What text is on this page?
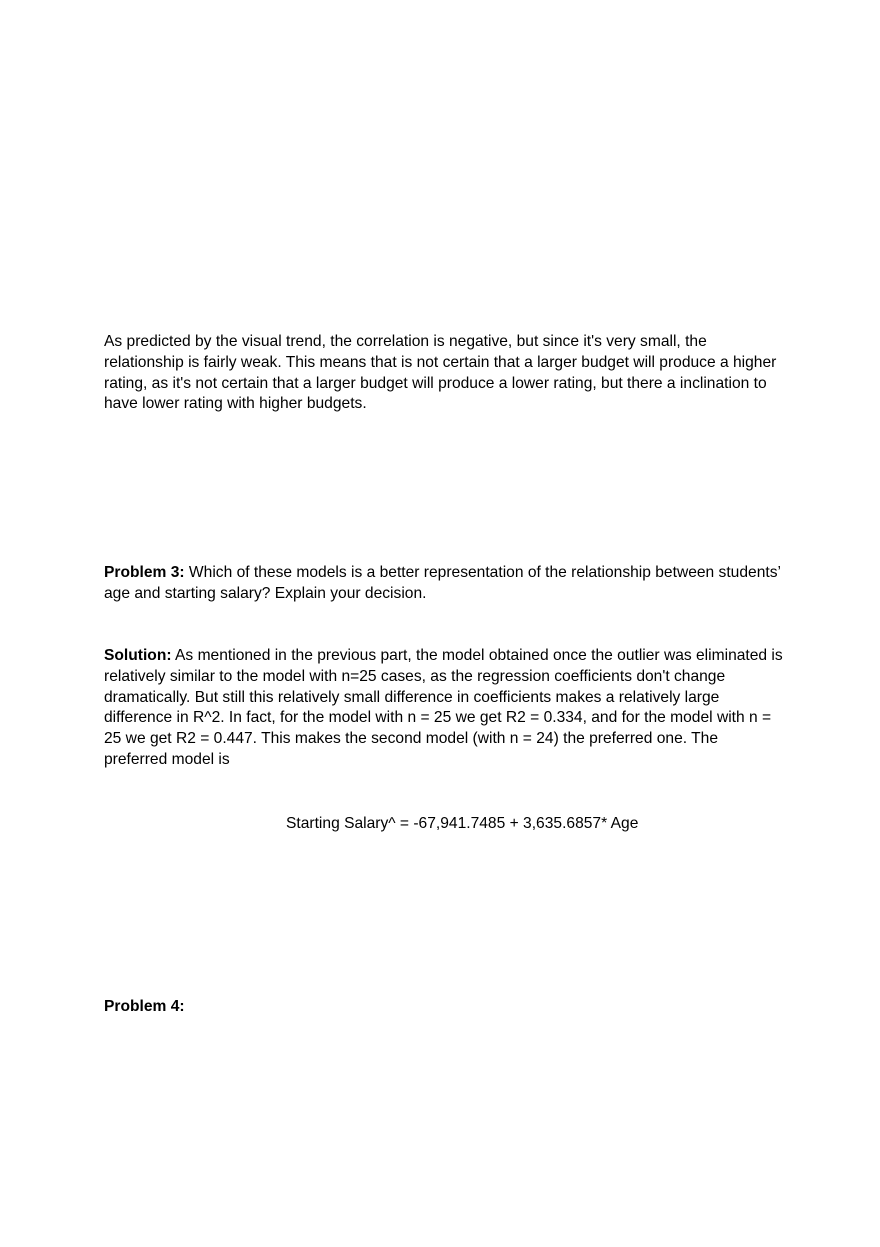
As predicted by the visual trend, the correlation is negative, but since it's very small, the relationship is fairly weak. This means that is not certain that a larger budget will produce a higher rating, as it's not certain that a larger budget will produce a lower rating, but there a inclination to have lower rating with higher budgets.

Problem 3: Which of these models is a better representation of the relationship between students’ age and starting salary? Explain your decision.

Solution: As mentioned in the previous part, the model obtained once the outlier was eliminated is relatively similar to the model with n=25 cases, as the regression coefficients don't change dramatically. But still this relatively small difference in coefficients makes a relatively large difference in R^2. In fact, for the model with n = 25 we get R2 = 0.334, and for the model with n = 25 we get R2 = 0.447. This makes the second model (with n = 24) the preferred one. The preferred model is

Starting Salary^ = -67,941.7485 + 3,635.6857* Age

Problem 4:
